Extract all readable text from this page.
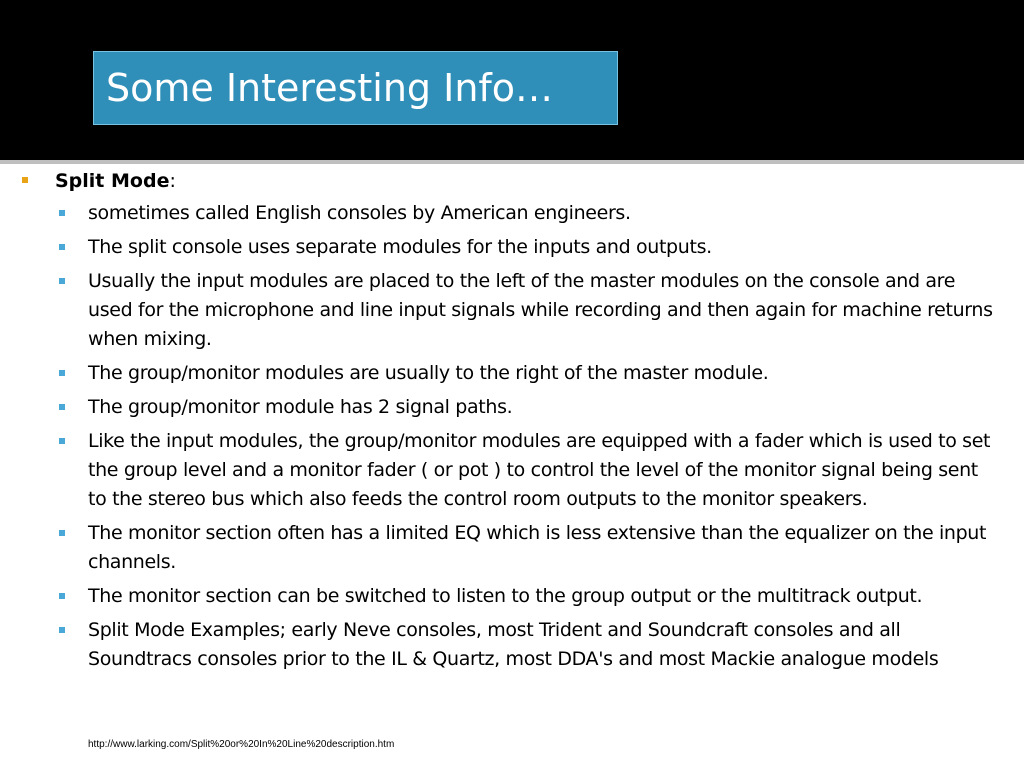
Some Interesting Info…
Split Mode:
sometimes called English consoles by American engineers.
The split console uses separate modules for the inputs and outputs.
Usually the input modules are placed to the left of the master modules on the console and are used for the microphone and line input signals while recording and then again for machine returns when mixing.
The group/monitor modules are usually to the right of the master module.
The group/monitor module has 2 signal paths.
Like the input modules, the group/monitor modules are equipped with a fader which is used to set the group level and a monitor fader ( or pot ) to control the level of the monitor signal being sent to the stereo bus which also feeds the control room outputs to the monitor speakers.
The monitor section often has a limited EQ which is less extensive than the equalizer on the input channels.
The monitor section can be switched to listen to the group output or the multitrack output.
Split Mode Examples; early Neve consoles, most Trident and Soundcraft consoles and all Soundtracs consoles prior to the IL & Quartz, most DDA's and most Mackie analogue models
http://www.larking.com/Split%20or%20In%20Line%20description.htm
